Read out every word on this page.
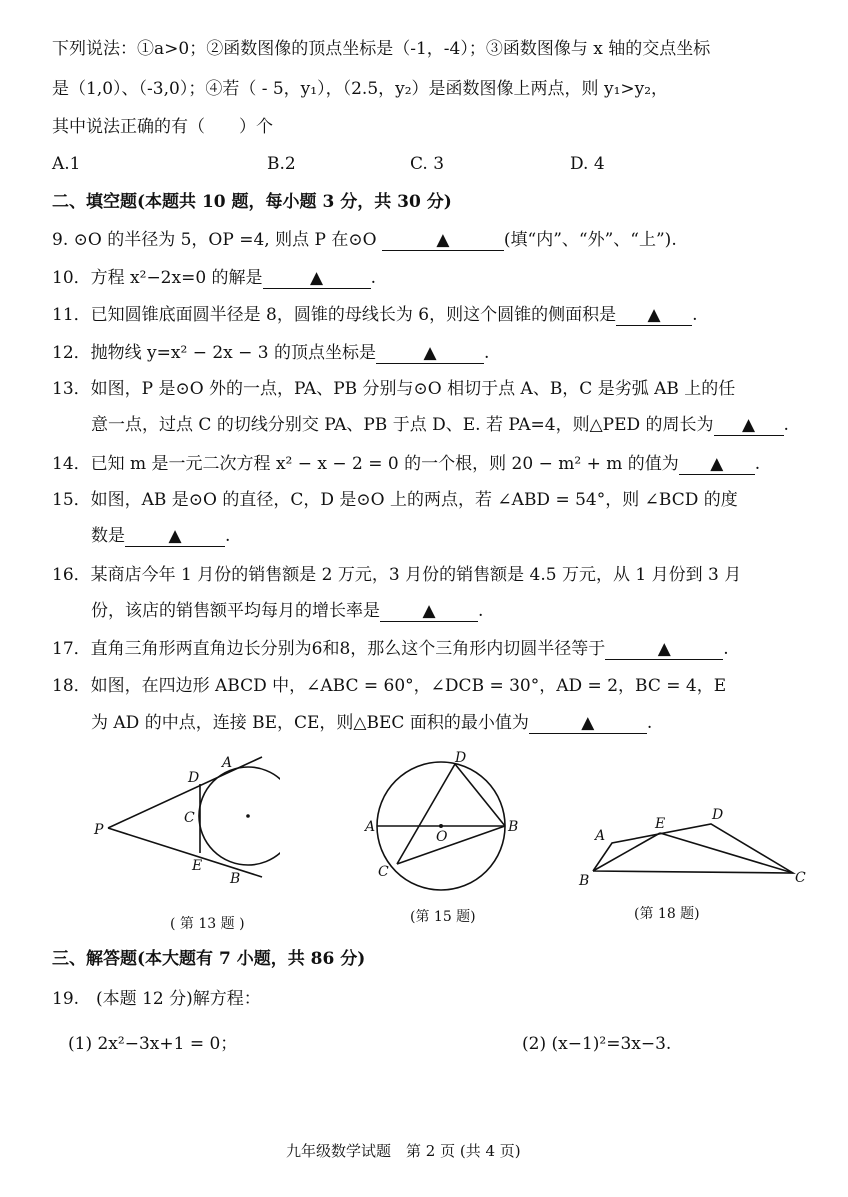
下列说法：①a>0；②函数图像的顶点坐标是（-1，-4）；③函数图像与 x 轴的交点坐标
是（1,0）、（-3,0）；④若（ - 5，y₁），（2.5，y₂）是函数图像上两点，则 y₁>y₂，
其中说法正确的有（　　）个
A.1	B.2	C. 3	D. 4
二、填空题(本题共 10 题，每小题 3 分，共 30 分)
9. ⊙O 的半径为 5，OP =4, 则点 P 在⊙O	▲	(填“内”、“外”、“上”).
10．方程 x²−2x=0 的解是	▲	.
11．已知圆锥底面圆半径是 8，圆锥的母线长为 6，则这个圆锥的侧面积是 ▲ .
12．抛物线 y=x² − 2x − 3 的顶点坐标是	▲	.
13．如图，P 是⊙O 外的一点，PA、PB 分别与⊙O 相切于点 A、B，C 是劣弧 AB 上的任
意一点，过点 C 的切线分别交 PA、PB 于点 D、E. 若 PA=4，则△PED 的周长为 ▲ .
14．已知 m 是一元二次方程 x² − x − 2 = 0 的一个根，则 20 − m² + m 的值为 ▲ .
15．如图，AB 是⊙O 的直径，C，D 是⊙O 上的两点，若 ∠ABD = 54°，则 ∠BCD 的度
数是	▲	.
16．某商店今年 1 月份的销售额是 2 万元，3 月份的销售额是 4.5 万元，从 1 月份到 3 月
份，该店的销售额平均每月的增长率是 ▲ .
17．直角三角形两直角边长分别为6和8，那么这个三角形内切圆半径等于	▲	.
18．如图，在四边形 ABCD 中，∠ABC = 60°，∠DCB = 30°，AD = 2，BC = 4，E
为 AD 的中点，连接 BE，CE，则△BEC 面积的最小值为	▲	.
P
A
D
C
E
B
( 第 13 题 )
A	B
D
O
C
(第 15 题)
A
B	C
D
E
(第 18 题)
三、解答题(本大题有 7 小题，共 86 分)
19.　(本题 12 分)解方程：
(1) 2x²−3x+1 = 0；	(2) (x−1)²=3x−3.
九年级数学试题　第 2 页 (共 4 页)
